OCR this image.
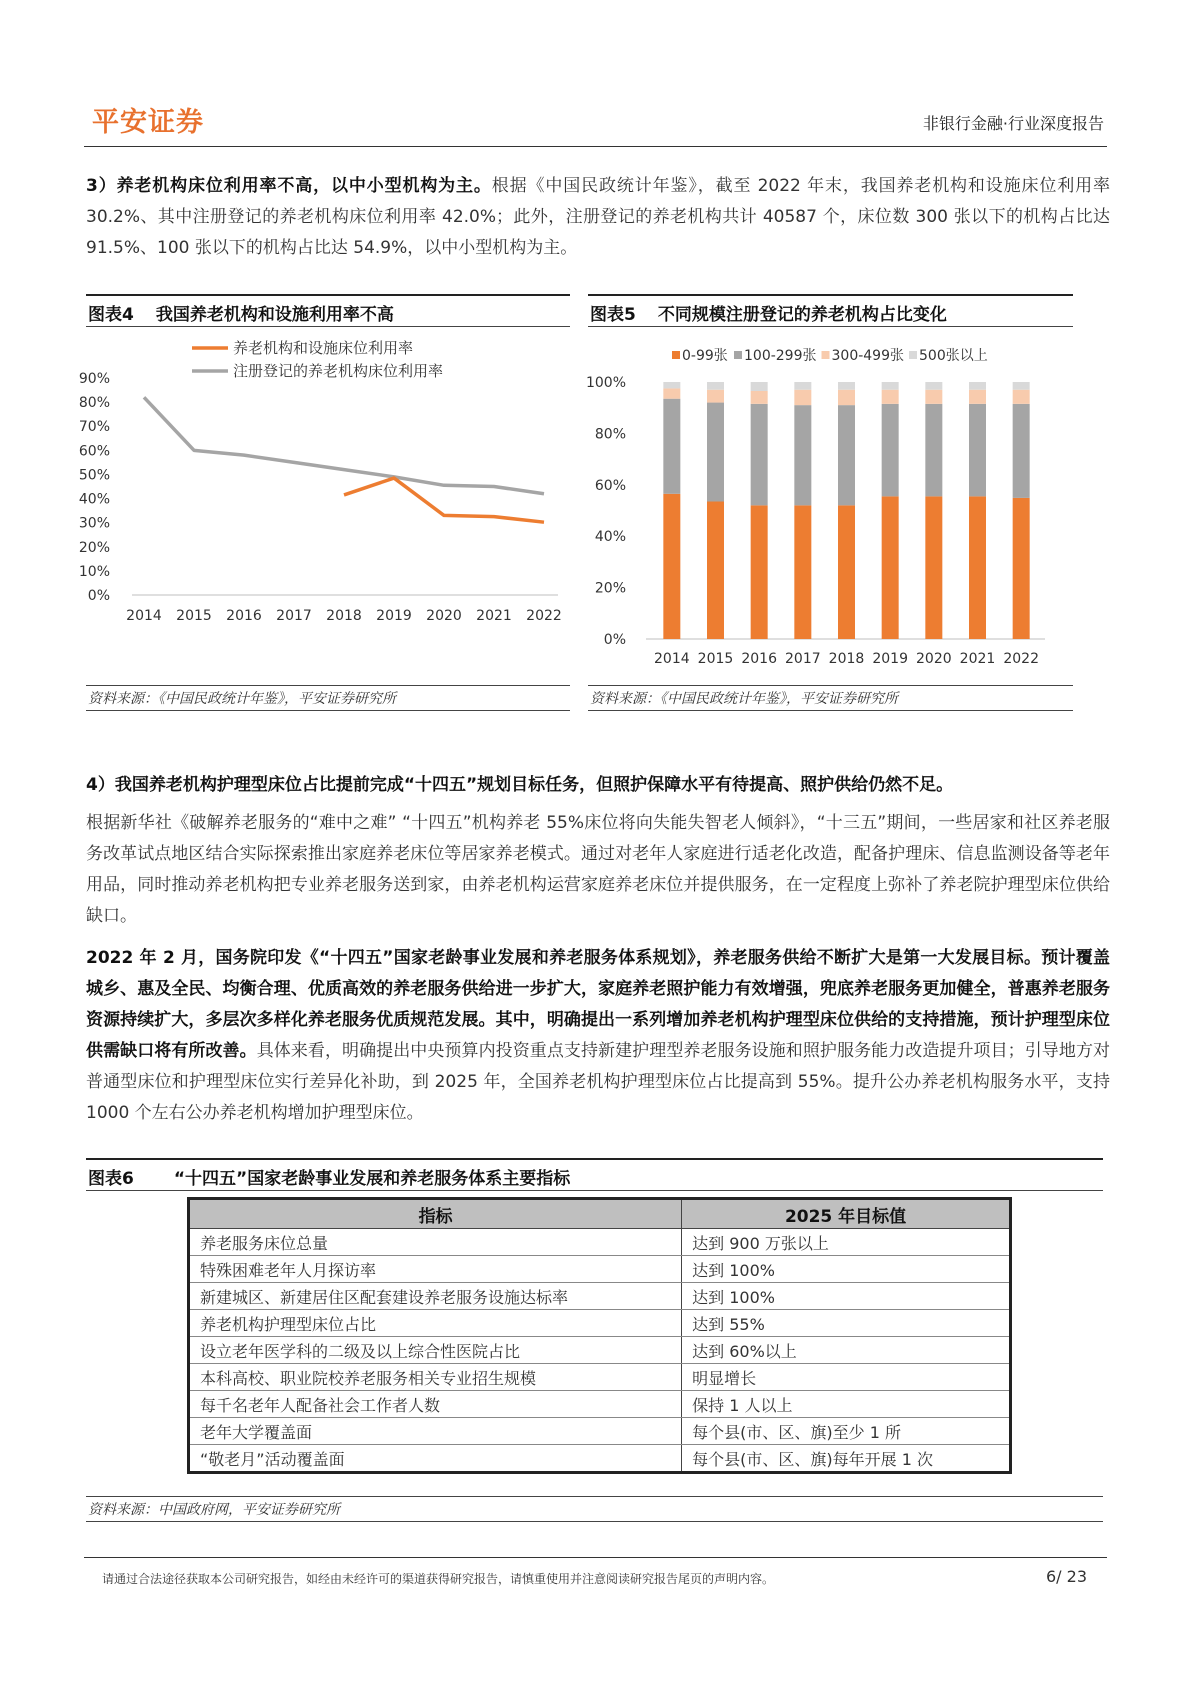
平安证券	非银行金融·行业深度报告
3）养老机构床位利用率不高，以中小型机构为主。根据《中国民政统计年鉴》，截至 2022 年末，我国养老机构和设施床位利用率 30.2%、其中注册登记的养老机构床位利用率 42.0%；此外，注册登记的养老机构共计 40587 个，床位数 300 张以下的机构占比达 91.5%、100 张以下的机构占比达 54.9%，以中小型机构为主。
图表4 我国养老机构和设施利用率不高
养老机构和设施床位利用率
注册登记的养老机构床位利用率
0%
10%
20%
30%
40%
50%
60%
70%
80%
90%
2014 2015 2016 2017 2018 2019 2020 2021 2022
资料来源：《中国民政统计年鉴》，平安证券研究所
图表5 不同规模注册登记的养老机构占比变化
0-99张 100-299张 300-499张 500张以上
0%
20%
40%
60%
80%
100%
2014 2015 2016 2017 2018 2019 2020 2021 2022
资料来源：《中国民政统计年鉴》，平安证券研究所
4）我国养老机构护理型床位占比提前完成“十四五”规划目标任务，但照护保障水平有待提高、照护供给仍然不足。
根据新华社《破解养老服务的“难中之难” “十四五”机构养老 55%床位将向失能失智老人倾斜》，“十三五”期间，一些居家和社区养老服务改革试点地区结合实际探索推出家庭养老床位等居家养老模式。通过对老年人家庭进行适老化改造，配备护理床、信息监测设备等老年用品，同时推动养老机构把专业养老服务送到家，由养老机构运营家庭养老床位并提供服务，在一定程度上弥补了养老院护理型床位供给缺口。
2022 年 2 月，国务院印发《“十四五”国家老龄事业发展和养老服务体系规划》，养老服务供给不断扩大是第一大发展目标。预计覆盖城乡、惠及全民、均衡合理、优质高效的养老服务供给进一步扩大，家庭养老照护能力有效增强，兜底养老服务更加健全，普惠养老服务资源持续扩大，多层次多样化养老服务优质规范发展。其中，明确提出一系列增加养老机构护理型床位供给的支持措施，预计护理型床位供需缺口将有所改善。具体来看，明确提出中央预算内投资重点支持新建护理型养老服务设施和照护服务能力改造提升项目；引导地方对普通型床位和护理型床位实行差异化补助，到 2025 年，全国养老机构护理型床位占比提高到 55%。提升公办养老机构服务水平，支持 1000 个左右公办养老机构增加护理型床位。
图表6 “十四五”国家老龄事业发展和养老服务体系主要指标
指标	2025 年目标值
养老服务床位总量	达到 900 万张以上
特殊困难老年人月探访率	达到 100%
新建城区、新建居住区配套建设养老服务设施达标率	达到 100%
养老机构护理型床位占比	达到 55%
设立老年医学科的二级及以上综合性医院占比	达到 60%以上
本科高校、职业院校养老服务相关专业招生规模	明显增长
每千名老年人配备社会工作者人数	保持 1 人以上
老年大学覆盖面	每个县(市、区、旗)至少 1 所
“敬老月”活动覆盖面	每个县(市、区、旗)每年开展 1 次
资料来源：中国政府网，平安证券研究所
请通过合法途径获取本公司研究报告，如经由未经许可的渠道获得研究报告，请慎重使用并注意阅读研究报告尾页的声明内容。	6/ 23
